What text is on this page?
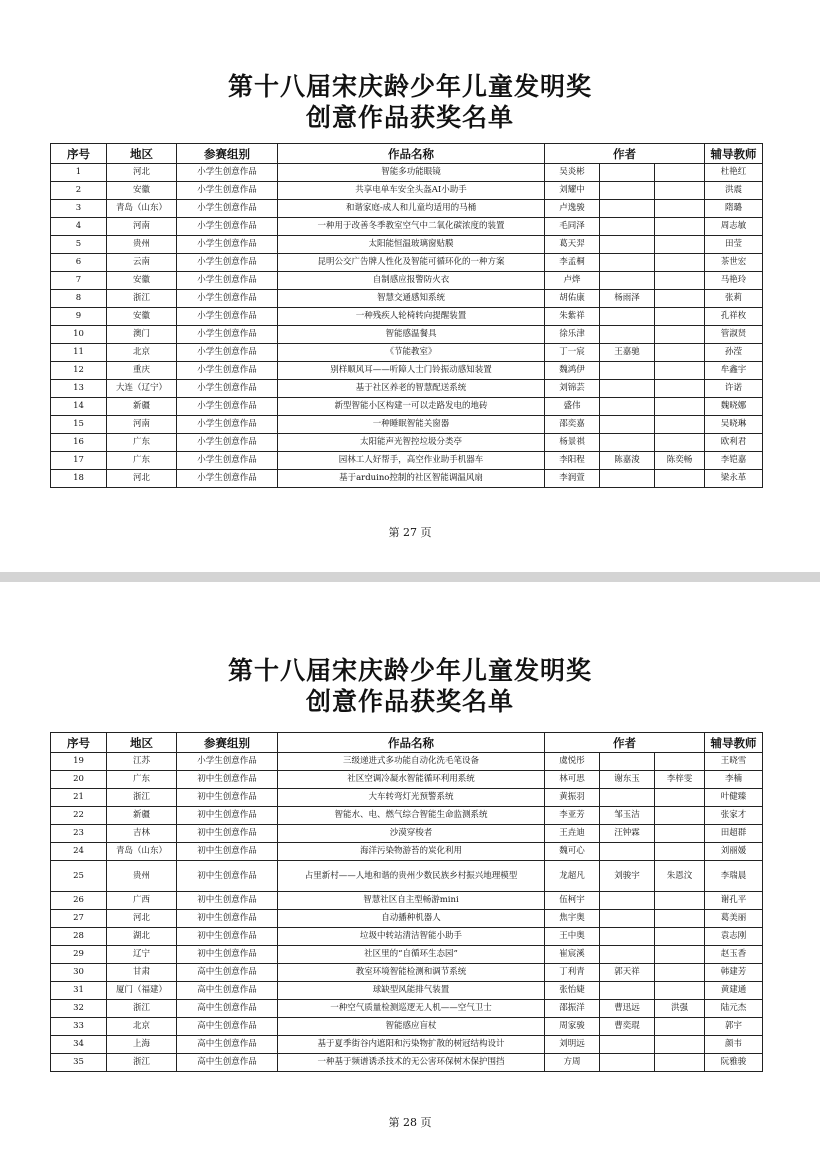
第十八届宋庆龄少年儿童发明奖
创意作品获奖名单
序号	地区	参赛组别	作品名称	作者			辅导教师
1	河北	小学生创意作品	智能多功能眼镜	吴炎彬			杜艳红
2	安徽	小学生创意作品	共享电单车安全头盔AI小助手	刘耀中			洪震
3	青岛（山东）	小学生创意作品	和谐家庭-成人和儿童均适用的马桶	卢逸骏			隋璐
4	河南	小学生创意作品	一种用于改善冬季教室空气中二氧化碳浓度的装置	毛同泽			周志敏
5	贵州	小学生创意作品	太阳能恒温玻璃窗贴膜	葛天羿			田莹
6	云南	小学生创意作品	昆明公交广告牌人性化及智能可循环化的一种方案	李孟桐			茶世宏
7	安徽	小学生创意作品	自制感应报警防火衣	卢烨			马艳玲
8	浙江	小学生创意作品	智慧交通感知系统	胡佑康	杨雨泽		张莉
9	安徽	小学生创意作品	一种残疾人轮椅转向提醒装置	朱紫祥			孔祥枚
10	澳门	小学生创意作品	智能感温餐具	徐乐津			管淑贤
11	北京	小学生创意作品	《节能教室》	丁一宸	王嘉驰		孙滢
12	重庆	小学生创意作品	别样顺风耳——听障人士门铃振动感知装置	魏鸿伊			牟鑫宇
13	大连（辽宁）	小学生创意作品	基于社区养老的智慧配送系统	刘锦芸			许诺
14	新疆	小学生创意作品	新型智能小区构建一可以走路发电的地砖	盛伟			魏晓娜
15	河南	小学生创意作品	一种睡眠智能关窗器	邵奕嘉			吴晓琳
16	广东	小学生创意作品	太阳能声光智控垃圾分类亭	杨景祺			欧利君
17	广东	小学生创意作品	园林工人好帮手，高空作业助手机器车	李阳程	陈嘉浚	陈奕畅	李铠嘉
18	河北	小学生创意作品	基于arduino控制的社区智能调温风扇	李润萱			梁永革
第 27 页
第十八届宋庆龄少年儿童发明奖
创意作品获奖名单
序号	地区	参赛组别	作品名称	作者			辅导教师
19	江苏	小学生创意作品	三级递进式多功能自动化洗毛笔设备	虞悦彤			王晓雪
20	广东	初中生创意作品	社区空调冷凝水智能循环利用系统	林可思	谢东玉	李梓雯	李楠
21	浙江	初中生创意作品	大车转弯灯光预警系统	黄振羽			叶健臻
22	新疆	初中生创意作品	智能水、电、燃气综合智能生命监测系统	李亚芳	邹玉洁		张家才
23	吉林	初中生创意作品	沙漠穿梭者	王垚迪	汪钟霖		田超群
24	青岛（山东）	初中生创意作品	海洋污染物游苔的炭化利用	魏可心			刘丽媛
25	贵州	初中生创意作品	占里新村——人地和谐的贵州少数民族乡村振兴地理模型	龙超凡	刘骏宇	朱恩汶	李瑞晨
26	广西	初中生创意作品	智慧社区自主型畅游mini	伍柯宇			谢孔平
27	河北	初中生创意作品	自动播种机器人	焦宇奥			葛美丽
28	湖北	初中生创意作品	垃圾中转站清洁智能小助手	王中奥			袁志刚
29	辽宁	初中生创意作品	社区里的“自循环生态园”	崔宸溪			赵玉香
30	甘肃	高中生创意作品	教室环境智能检测和调节系统	丁利青	郭天祥		韩建芳
31	厦门（福建）	高中生创意作品	球缺型风能排气装置	张怡婕			黄建通
32	浙江	高中生创意作品	一种空气质量检测巡逻无人机——空气卫士	邵振洋	曹迅远	洪强	陆元杰
33	北京	高中生创意作品	智能感应盲杖	周家骏	曹奕琨		郭宇
34	上海	高中生创意作品	基于夏季街谷内遮阳和污染物扩散的树冠结构设计	刘明远			颜韦
35	浙江	高中生创意作品	一种基于频谱诱杀技术的无公害环保树木保护围挡	方周			阮雅骏
第 28 页
